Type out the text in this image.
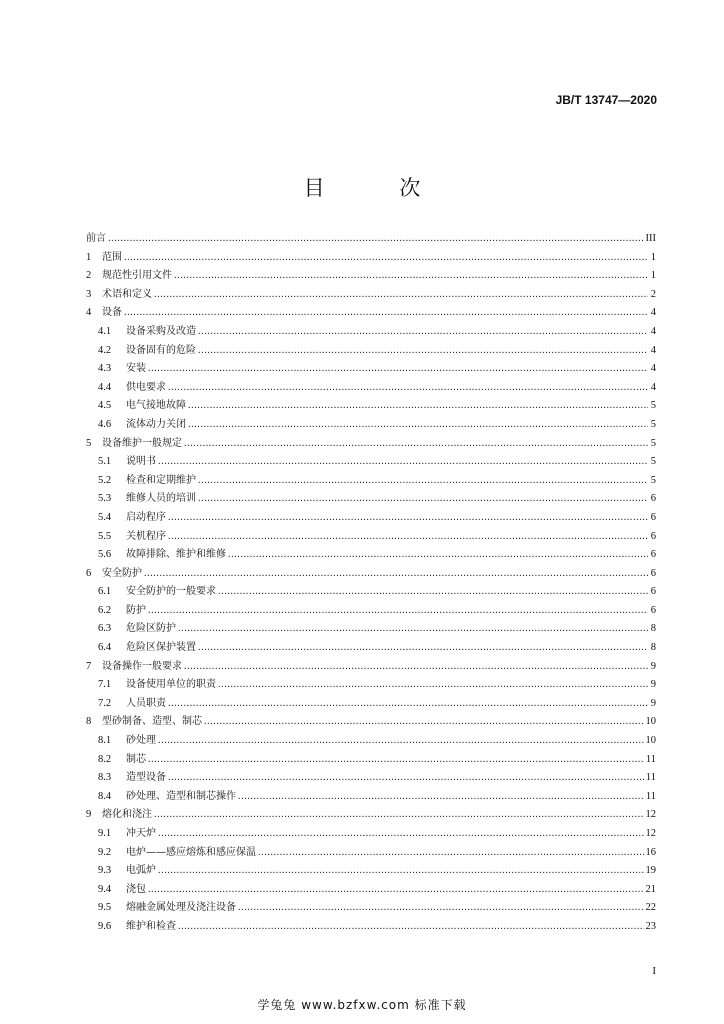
JB/T 13747—2020
目 次
前言 .....	III
1	范围 .....	1
2	规范性引用文件 .....	1
3	术语和定义 .....	2
4	设备 .....	4
4.1	设备采购及改造 .....	4
4.2	设备固有的危险 .....	4
4.3	安装 .....	4
4.4	供电要求 .....	4
4.5	电气接地故障 .....	5
4.6	流体动力关闭 .....	5
5	设备维护一般规定 .....	5
5.1	说明书 .....	5
5.2	检查和定期维护 .....	5
5.3	维修人员的培训 .....	6
5.4	启动程序 .....	6
5.5	关机程序 .....	6
5.6	故障排除、维护和维修 .....	6
6	安全防护 .....	6
6.1	安全防护的一般要求 .....	6
6.2	防护 .....	6
6.3	危险区防护 .....	8
6.4	危险区保护装置 .....	8
7	设备操作一般要求 .....	9
7.1	设备使用单位的职责 .....	9
7.2	人员职责 .....	9
8	型砂制备、造型、制芯 .....	10
8.1	砂处理 .....	10
8.2	制芯 .....	11
8.3	造型设备 .....	11
8.4	砂处理、造型和制芯操作 .....	11
9	熔化和浇注 .....	12
9.1	冲天炉 .....	12
9.2	电炉——感应熔炼和感应保温 .....	16
9.3	电弧炉 .....	19
9.4	浇包 .....	21
9.5	熔融金属处理及浇注设备 .....	22
9.6	维护和检查 .....	23
I
学兔兔 www.bzfxw.com 标准下载
